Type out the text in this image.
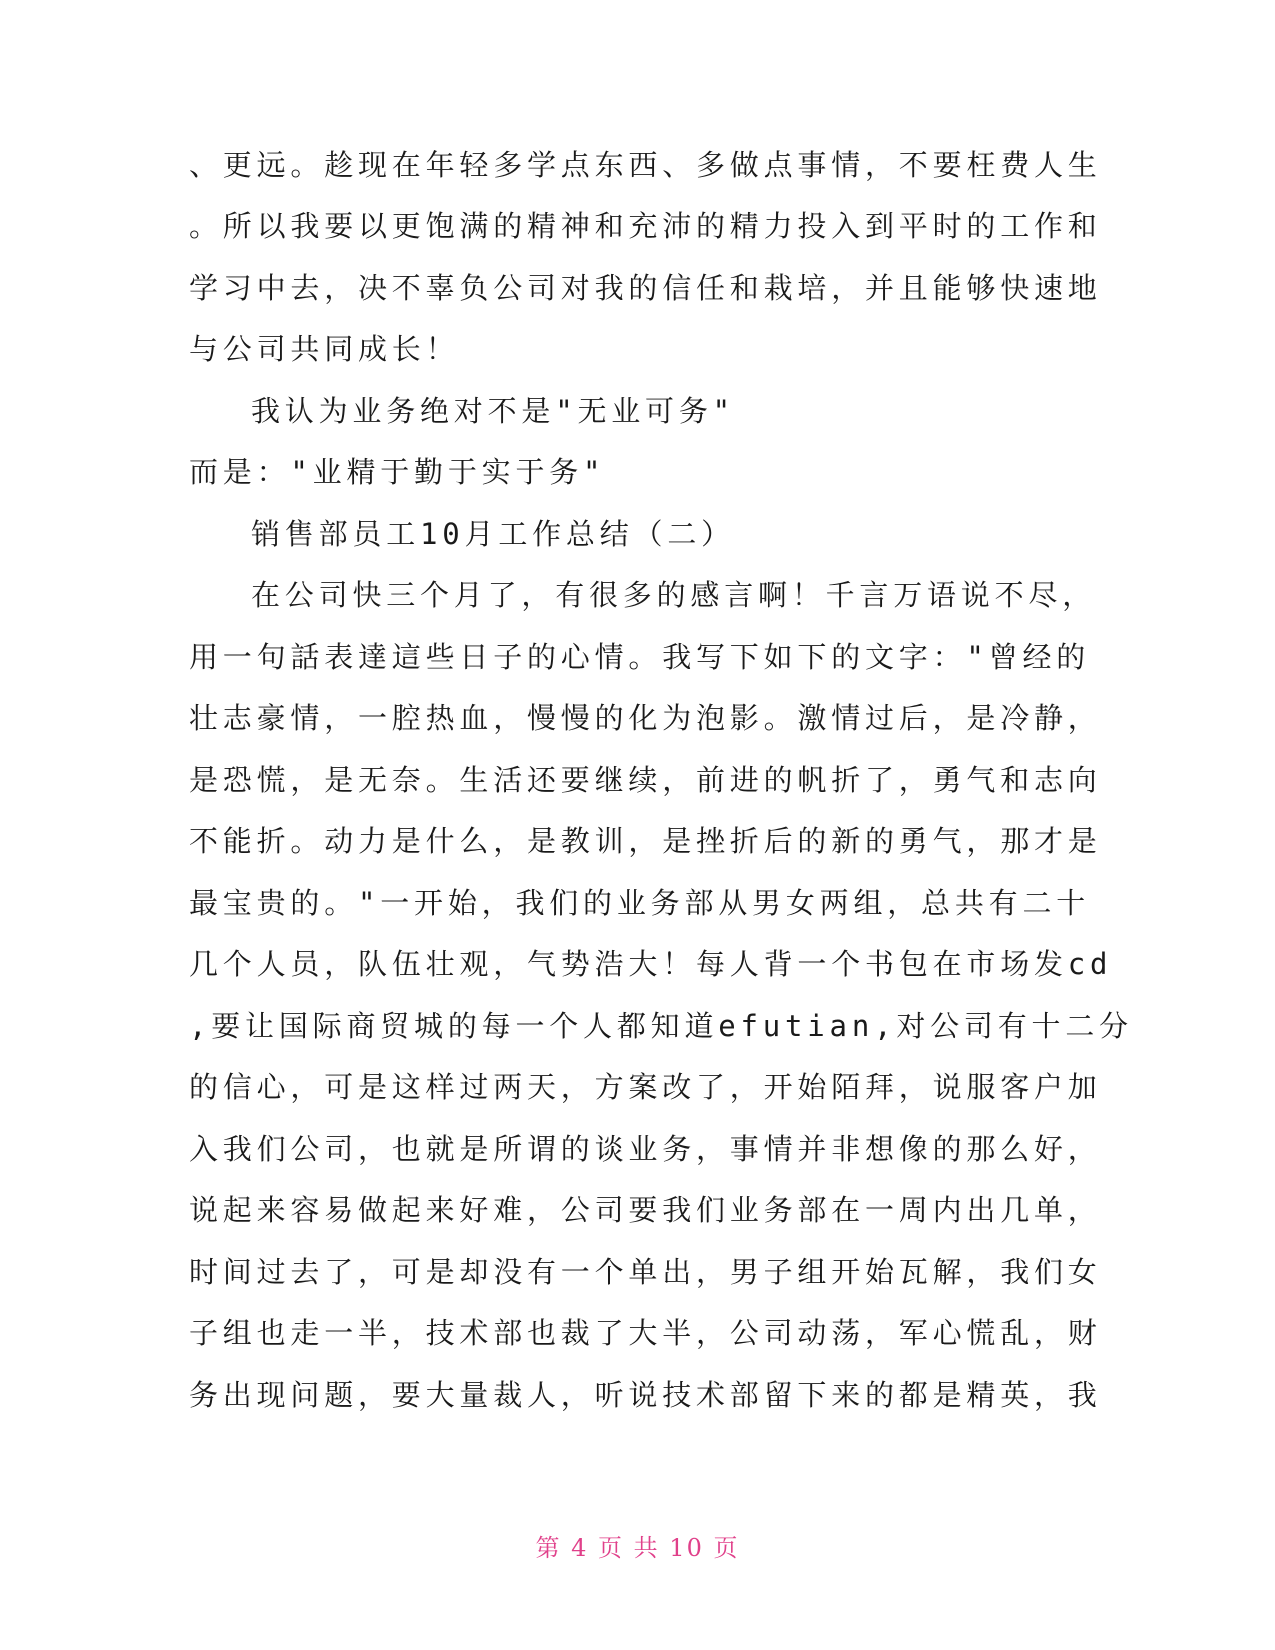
、更远。趁现在年轻多学点东西、多做点事情，不要枉费人生
。所以我要以更饱满的精神和充沛的精力投入到平时的工作和
学习中去，决不辜负公司对我的信任和栽培，并且能够快速地
与公司共同成长！
我认为业务绝对不是"无业可务"
而是："业精于勤于实于务"
销售部员工10月工作总结（二）
在公司快三个月了，有很多的感言啊！千言万语说不尽，
用一句話表達這些日子的心情。我写下如下的文字："曾经的
壮志豪情，一腔热血，慢慢的化为泡影。激情过后，是冷静，
是恐慌，是无奈。生活还要继续，前进的帆折了，勇气和志向
不能折。动力是什么，是教训，是挫折后的新的勇气，那才是
最宝贵的。"一开始，我们的业务部从男女两组，总共有二十
几个人员，队伍壮观，气势浩大！每人背一个书包在市场发cd
,要让国际商贸城的每一个人都知道efutian,对公司有十二分
的信心，可是这样过两天，方案改了，开始陌拜，说服客户加
入我们公司，也就是所谓的谈业务，事情并非想像的那么好，
说起来容易做起来好难，公司要我们业务部在一周内出几单，
时间过去了，可是却没有一个单出，男子组开始瓦解，我们女
子组也走一半，技术部也裁了大半，公司动荡，军心慌乱，财
务出现问题，要大量裁人，听说技术部留下来的都是精英，我
第 4 页 共 10 页
